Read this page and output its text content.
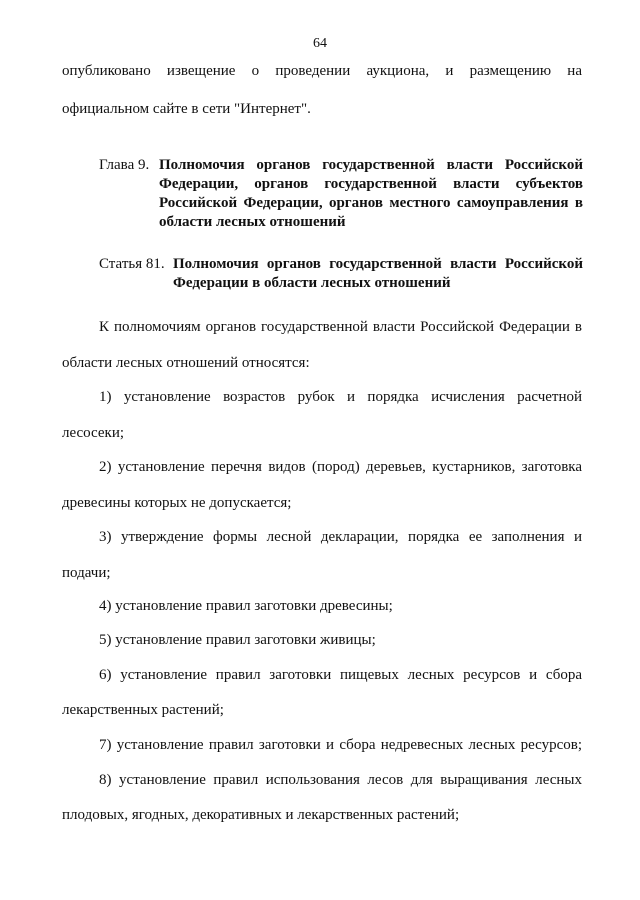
64
опубликовано извещение о проведении аукциона, и размещению на
официальном сайте в сети "Интернет".
Глава 9. Полномочия органов государственной власти Российской
Федерации, органов государственной власти субъектов
Российской Федерации, органов местного самоуправления в
области лесных отношений
Статья 81. Полномочия органов государственной власти Российской
Федерации в области лесных отношений
К полномочиям органов государственной власти Российской Федерации в
области лесных отношений относятся:
1) установление возрастов рубок и порядка исчисления расчетной
лесосеки;
2) установление перечня видов (пород) деревьев, кустарников, заготовка
древесины которых не допускается;
3) утверждение формы лесной декларации, порядка ее заполнения и
подачи;
4) установление правил заготовки древесины;
5) установление правил заготовки живицы;
6) установление правил заготовки пищевых лесных ресурсов и сбора
лекарственных растений;
7) установление правил заготовки и сбора недревесных лесных ресурсов;
8) установление правил использования лесов для выращивания лесных
плодовых, ягодных, декоративных и лекарственных растений;
